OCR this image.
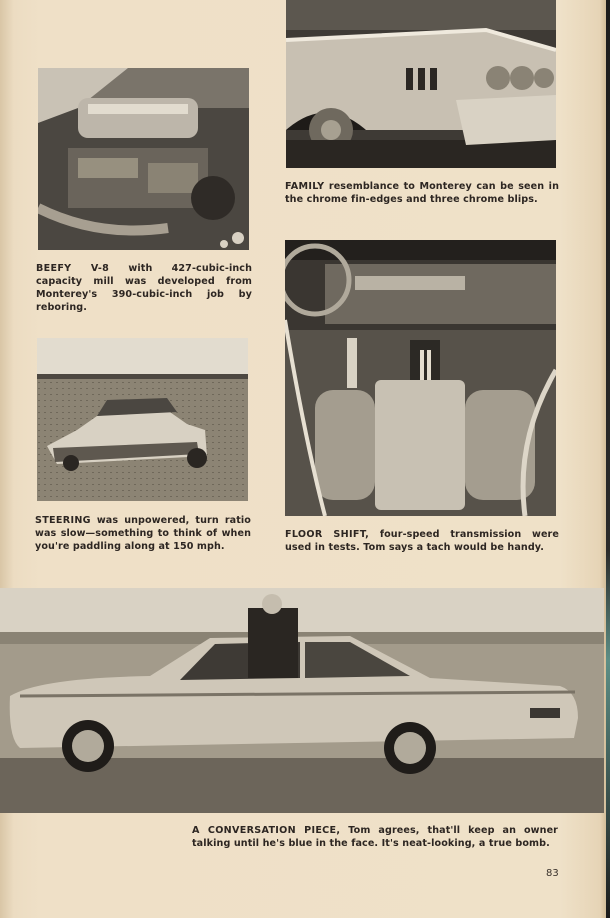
BEEFY V-8 with 427-cubic-inch capacity mill was developed from Monterey's 390-cubic-inch job by reboring.
FAMILY resemblance to Monterey can be seen in the chrome fin-edges and three chrome blips.
FLOOR SHIFT, four-speed transmission were used in tests. Tom says a tach would be handy.
STEERING was unpowered, turn ratio was slow—something to think of when you're paddling along at 150 mph.
A CONVERSATION PIECE, Tom agrees, that'll keep an owner talking until he's blue in the face. It's neat-looking, a true bomb.
83
